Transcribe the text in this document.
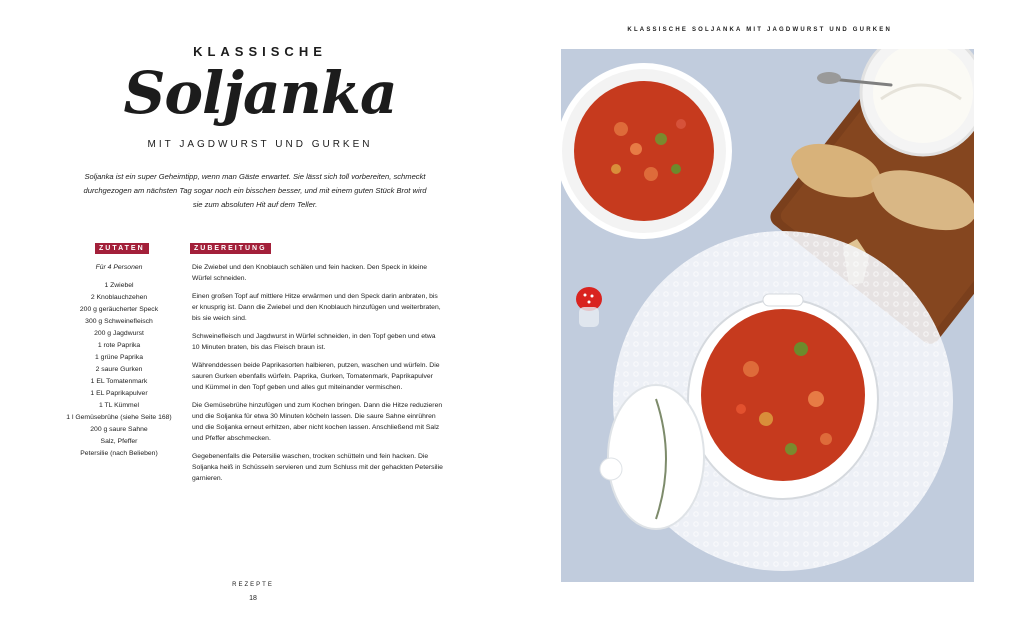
KLASSISCHE
Soljanka
MIT JAGDWURST UND GURKEN
Soljanka ist ein super Geheimtipp, wenn man Gäste erwartet. Sie lässt sich toll vorbereiten, schmeckt durchgezogen am nächsten Tag sogar noch ein bisschen besser, und mit einem guten Stück Brot wird sie zum absoluten Hit auf dem Teller.
ZUTATEN	ZUBEREITUNG
Für 4 Personen
1 Zwiebel
2 Knoblauchzehen
200 g geräucherter Speck
300 g Schweinefleisch
200 g Jagdwurst
1 rote Paprika
1 grüne Paprika
2 saure Gurken
1 EL Tomatenmark
1 EL Paprikapulver
1 TL Kümmel
1 l Gemüsebrühe (siehe Seite 168)
200 g saure Sahne
Salz, Pfeffer
Petersilie (nach Belieben)

Die Zwiebel und den Knoblauch schälen und fein hacken. Den Speck in kleine Würfel schneiden.

Einen großen Topf auf mittlere Hitze erwärmen und den Speck darin anbraten, bis er knusprig ist. Dann die Zwiebel und den Knoblauch hinzufügen und weiterbraten, bis sie weich sind.

Schweinefleisch und Jagdwurst in Würfel schneiden, in den Topf geben und etwa 10 Minuten braten, bis das Fleisch braun ist.

Währenddessen beide Paprikasorten halbieren, putzen, waschen und würfeln. Die sauren Gurken ebenfalls würfeln. Paprika, Gurken, Tomatenmark, Paprikapulver und Kümmel in den Topf geben und alles gut miteinander vermischen.

Die Gemüsebrühe hinzufügen und zum Kochen bringen. Dann die Hitze reduzieren und die Soljanka für etwa 30 Minuten köcheln lassen. Die saure Sahne einrühren und die Soljanka erneut erhitzen, aber nicht kochen lassen. Anschließend mit Salz und Pfeffer abschmecken.

Gegebenenfalls die Petersilie waschen, trocken schütteln und fein hacken. Die Soljanka heiß in Schüsseln servieren und zum Schluss mit der gehackten Petersilie garnieren.

REZEPTE
18
KLASSISCHE SOLJANKA MIT JAGDWURST UND GURKEN
